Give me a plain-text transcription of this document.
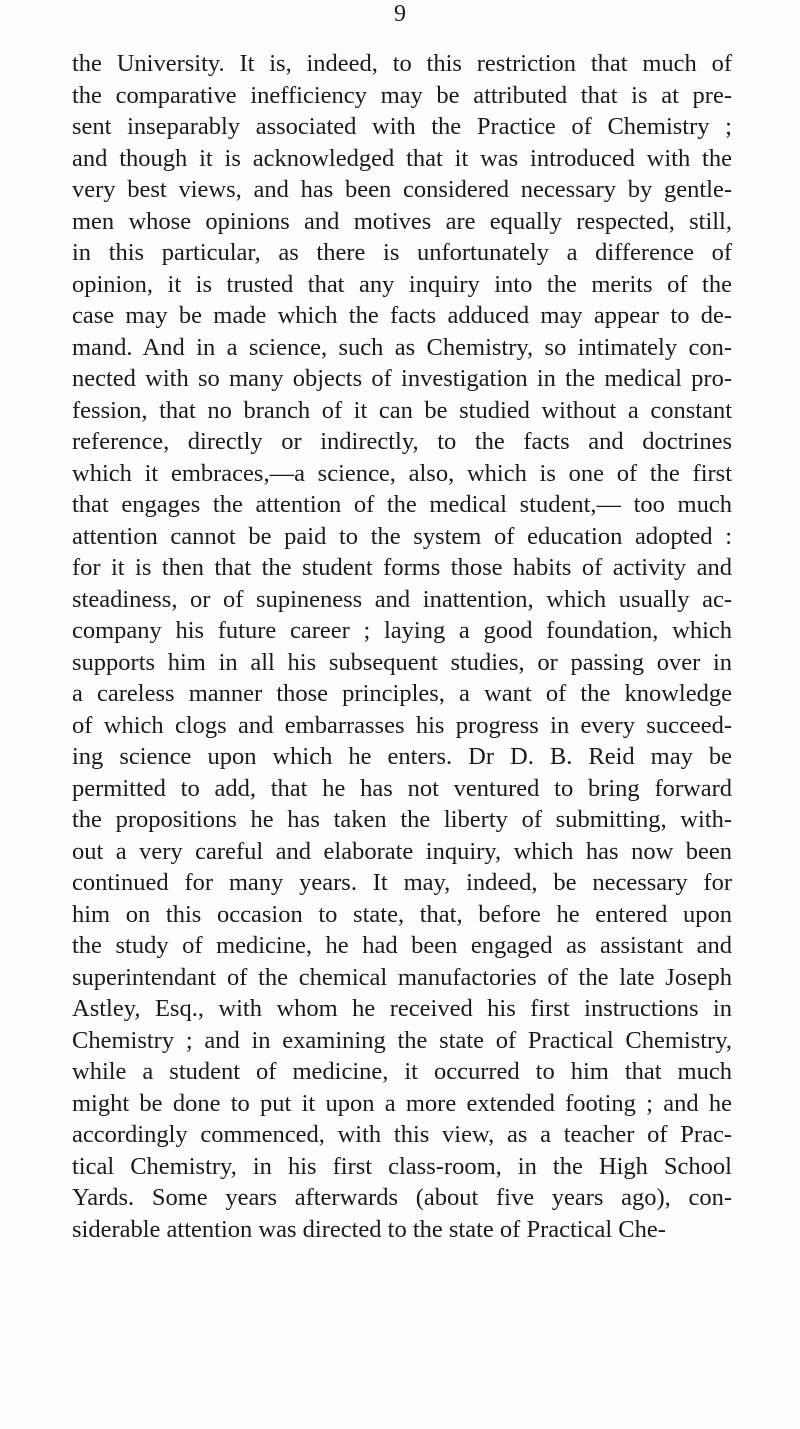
9
the University. It is, indeed, to this restriction that much of
the comparative inefficiency may be attributed that is at pre-
sent inseparably associated with the Practice of Chemistry ;
and though it is acknowledged that it was introduced with the
very best views, and has been considered necessary by gentle-
men whose opinions and motives are equally respected, still,
in this particular, as there is unfortunately a difference of
opinion, it is trusted that any inquiry into the merits of the
case may be made which the facts adduced may appear to de-
mand. And in a science, such as Chemistry, so intimately con-
nected with so many objects of investigation in the medical pro-
fession, that no branch of it can be studied without a constant
reference, directly or indirectly, to the facts and doctrines
which it embraces,—a science, also, which is one of the first
that engages the attention of the medical student,— too much
attention cannot be paid to the system of education adopted :
for it is then that the student forms those habits of activity and
steadiness, or of supineness and inattention, which usually ac-
company his future career ; laying a good foundation, which
supports him in all his subsequent studies, or passing over in
a careless manner those principles, a want of the knowledge
of which clogs and embarrasses his progress in every succeed-
ing science upon which he enters. Dr D. B. Reid may be
permitted to add, that he has not ventured to bring forward
the propositions he has taken the liberty of submitting, with-
out a very careful and elaborate inquiry, which has now been
continued for many years. It may, indeed, be necessary for
him on this occasion to state, that, before he entered upon
the study of medicine, he had been engaged as assistant and
superintendant of the chemical manufactories of the late Joseph
Astley, Esq., with whom he received his first instructions in
Chemistry ; and in examining the state of Practical Chemistry,
while a student of medicine, it occurred to him that much
might be done to put it upon a more extended footing ; and he
accordingly commenced, with this view, as a teacher of Prac-
tical Chemistry, in his first class-room, in the High School
Yards. Some years afterwards (about five years ago), con-
siderable attention was directed to the state of Practical Che-
